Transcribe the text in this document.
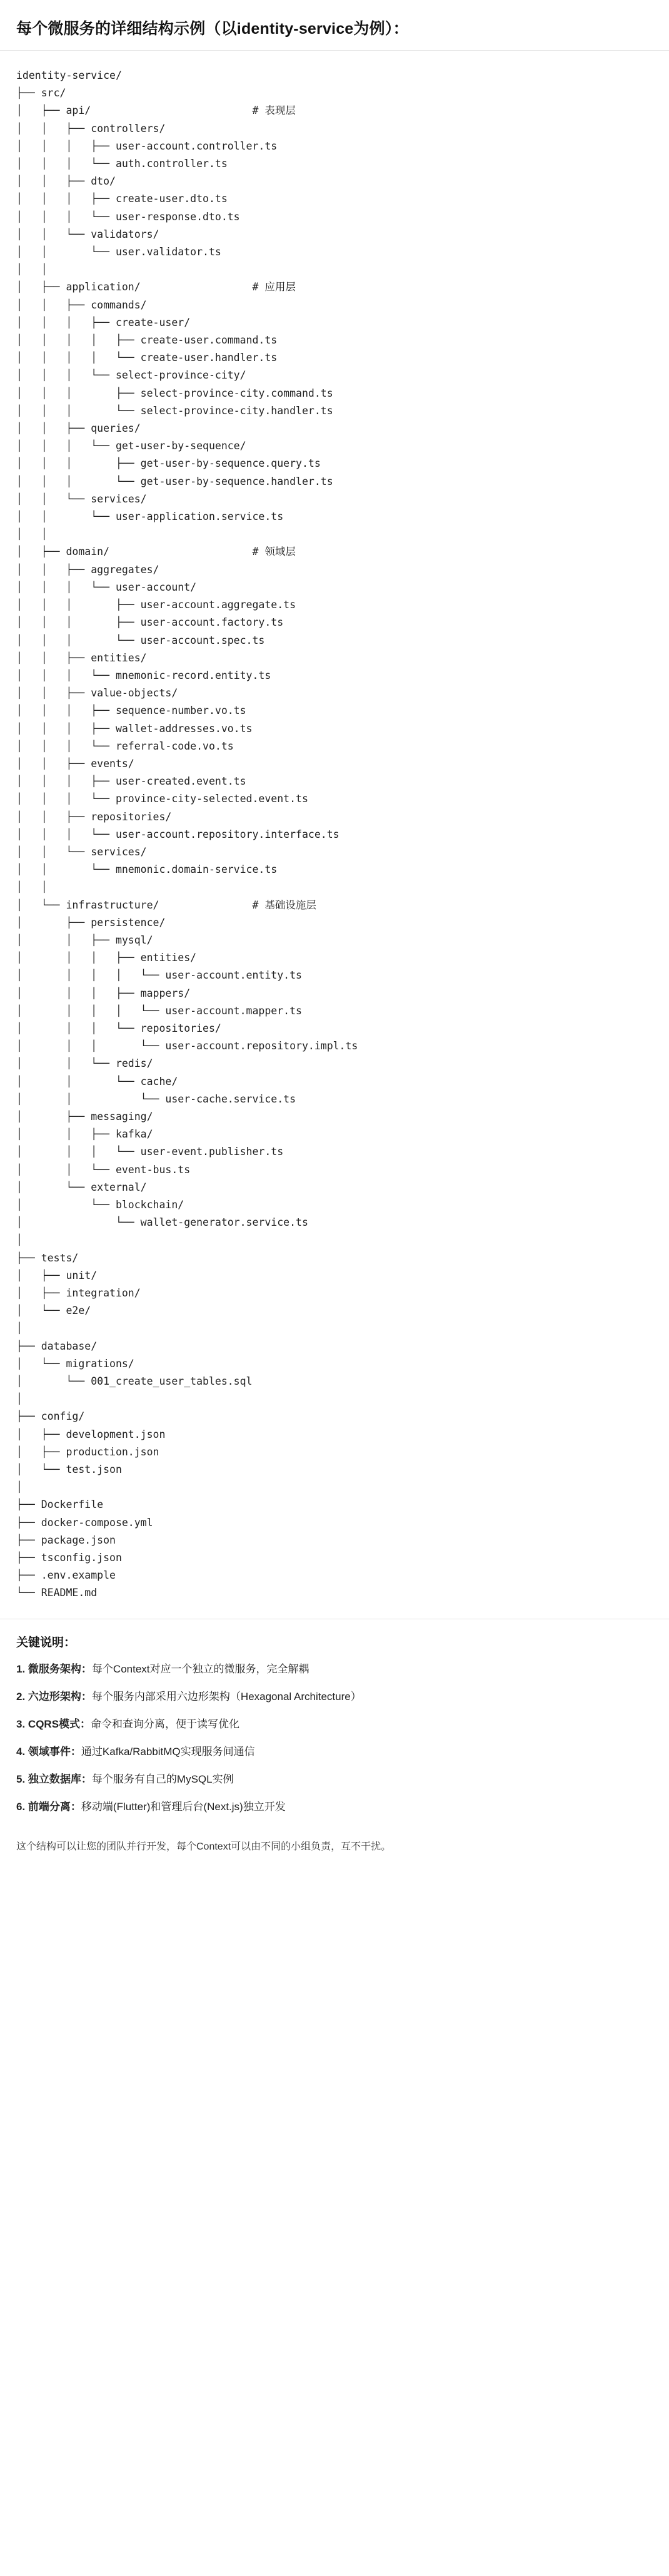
每个微服务的详细结构示例（以identity-service为例）：
identity-service/
├── src/
│   ├── api/                          # 表现层
│   │   ├── controllers/
│   │   │   ├── user-account.controller.ts
│   │   │   └── auth.controller.ts
│   │   ├── dto/
│   │   │   ├── create-user.dto.ts
│   │   │   └── user-response.dto.ts
│   │   └── validators/
│   │       └── user.validator.ts
│   │
│   ├── application/                  # 应用层
│   │   ├── commands/
│   │   │   ├── create-user/
│   │   │   │   ├── create-user.command.ts
│   │   │   │   └── create-user.handler.ts
│   │   │   └── select-province-city/
│   │   │       ├── select-province-city.command.ts
│   │   │       └── select-province-city.handler.ts
│   │   ├── queries/
│   │   │   └── get-user-by-sequence/
│   │   │       ├── get-user-by-sequence.query.ts
│   │   │       └── get-user-by-sequence.handler.ts
│   │   └── services/
│   │       └── user-application.service.ts
│   │
│   ├── domain/                       # 领域层
│   │   ├── aggregates/
│   │   │   └── user-account/
│   │   │       ├── user-account.aggregate.ts
│   │   │       ├── user-account.factory.ts
│   │   │       └── user-account.spec.ts
│   │   ├── entities/
│   │   │   └── mnemonic-record.entity.ts
│   │   ├── value-objects/
│   │   │   ├── sequence-number.vo.ts
│   │   │   ├── wallet-addresses.vo.ts
│   │   │   └── referral-code.vo.ts
│   │   ├── events/
│   │   │   ├── user-created.event.ts
│   │   │   └── province-city-selected.event.ts
│   │   ├── repositories/
│   │   │   └── user-account.repository.interface.ts
│   │   └── services/
│   │       └── mnemonic.domain-service.ts
│   │
│   └── infrastructure/               # 基础设施层
│       ├── persistence/
│       │   ├── mysql/
│       │   │   ├── entities/
│       │   │   │   └── user-account.entity.ts
│       │   │   ├── mappers/
│       │   │   │   └── user-account.mapper.ts
│       │   │   └── repositories/
│       │   │       └── user-account.repository.impl.ts
│       │   └── redis/
│       │       └── cache/
│       │           └── user-cache.service.ts
│       ├── messaging/
│       │   ├── kafka/
│       │   │   └── user-event.publisher.ts
│       │   └── event-bus.ts
│       └── external/
│           └── blockchain/
│               └── wallet-generator.service.ts
│
├── tests/
│   ├── unit/
│   ├── integration/
│   └── e2e/
│
├── database/
│   └── migrations/
│       └── 001_create_user_tables.sql
│
├── config/
│   ├── development.json
│   ├── production.json
│   └── test.json
│
├── Dockerfile
├── docker-compose.yml
├── package.json
├── tsconfig.json
├── .env.example
└── README.md
关键说明：
1. 微服务架构：每个Context对应一个独立的微服务，完全解耦
2. 六边形架构：每个服务内部采用六边形架构（Hexagonal Architecture）
3. CQRS模式：命令和查询分离，便于读写优化
4. 领域事件：通过Kafka/RabbitMQ实现服务间通信
5. 独立数据库：每个服务有自己的MySQL实例
6. 前端分离：移动端(Flutter)和管理后台(Next.js)独立开发
这个结构可以让您的团队并行开发，每个Context可以由不同的小组负责，互不干扰。
